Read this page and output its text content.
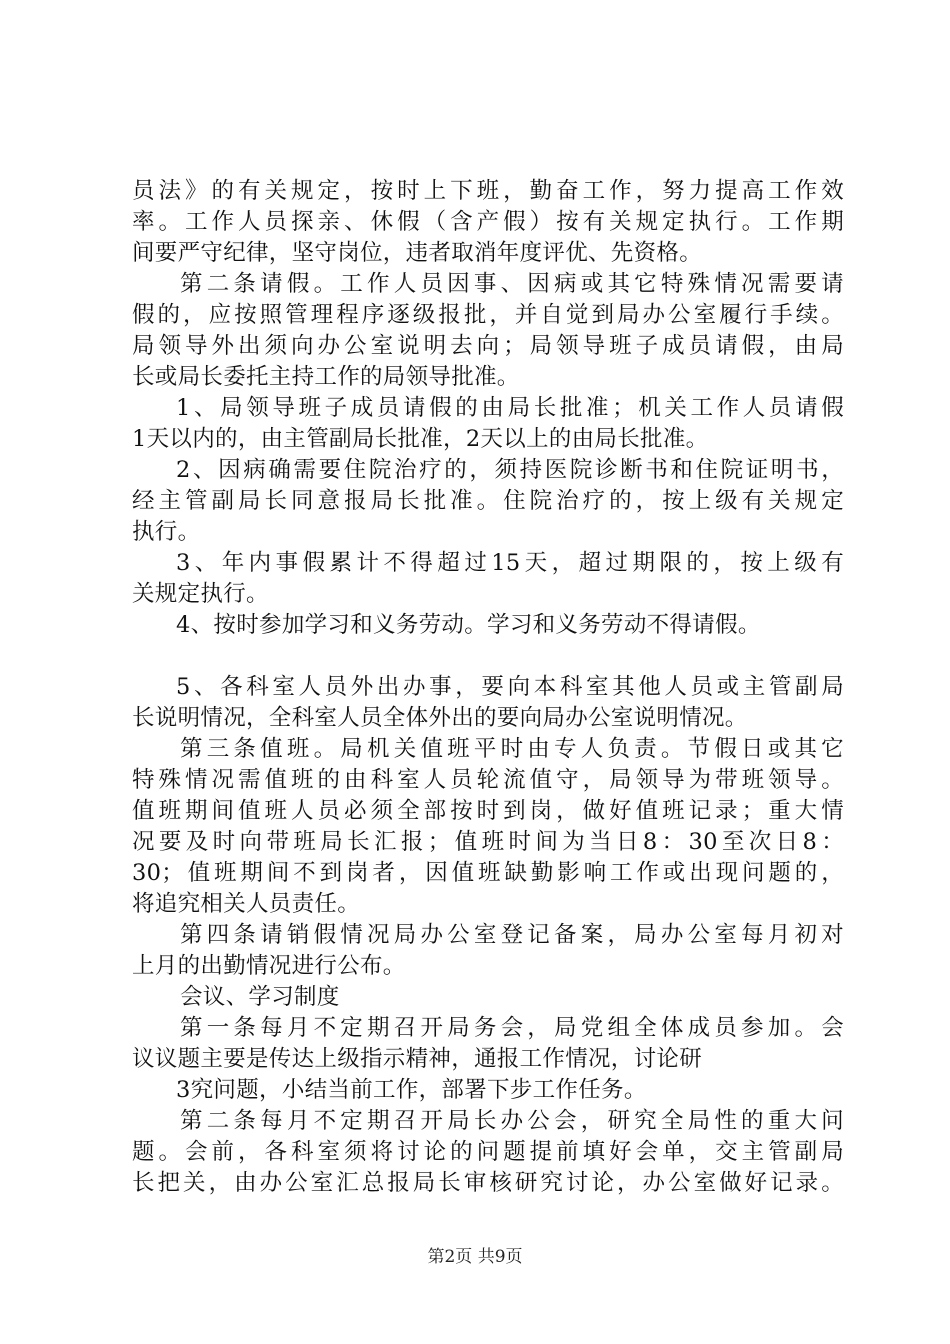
员法》的有关规定，按时上下班，勤奋工作，努力提高工作效
率。工作人员探亲、休假（含产假）按有关规定执行。工作期
间要严守纪律，坚守岗位，违者取消年度评优、先资格。
第二条请假。工作人员因事、因病或其它特殊情况需要请
假的，应按照管理程序逐级报批，并自觉到局办公室履行手续。
局领导外出须向办公室说明去向；局领导班子成员请假，由局
长或局长委托主持工作的局领导批准。
1、局领导班子成员请假的由局长批准；机关工作人员请假
1天以内的，由主管副局长批准，2天以上的由局长批准。
2、因病确需要住院治疗的，须持医院诊断书和住院证明书，
经主管副局长同意报局长批准。住院治疗的，按上级有关规定
执行。
3、年内事假累计不得超过15天，超过期限的，按上级有
关规定执行。
4、按时参加学习和义务劳动。学习和义务劳动不得请假。
5、各科室人员外出办事，要向本科室其他人员或主管副局
长说明情况，全科室人员全体外出的要向局办公室说明情况。
第三条值班。局机关值班平时由专人负责。节假日或其它
特殊情况需值班的由科室人员轮流值守，局领导为带班领导。
值班期间值班人员必须全部按时到岗，做好值班记录；重大情
况要及时向带班局长汇报；值班时间为当日8：30至次日8：
30；值班期间不到岗者，因值班缺勤影响工作或出现问题的，
将追究相关人员责任。
第四条请销假情况局办公室登记备案，局办公室每月初对
上月的出勤情况进行公布。
会议、学习制度
第一条每月不定期召开局务会，局党组全体成员参加。会
议议题主要是传达上级指示精神，通报工作情况，讨论研
3究问题，小结当前工作，部署下步工作任务。
第二条每月不定期召开局长办公会，研究全局性的重大问
题。会前，各科室须将讨论的问题提前填好会单，交主管副局
长把关，由办公室汇总报局长审核研究讨论，办公室做好记录。
第2页 共9页
